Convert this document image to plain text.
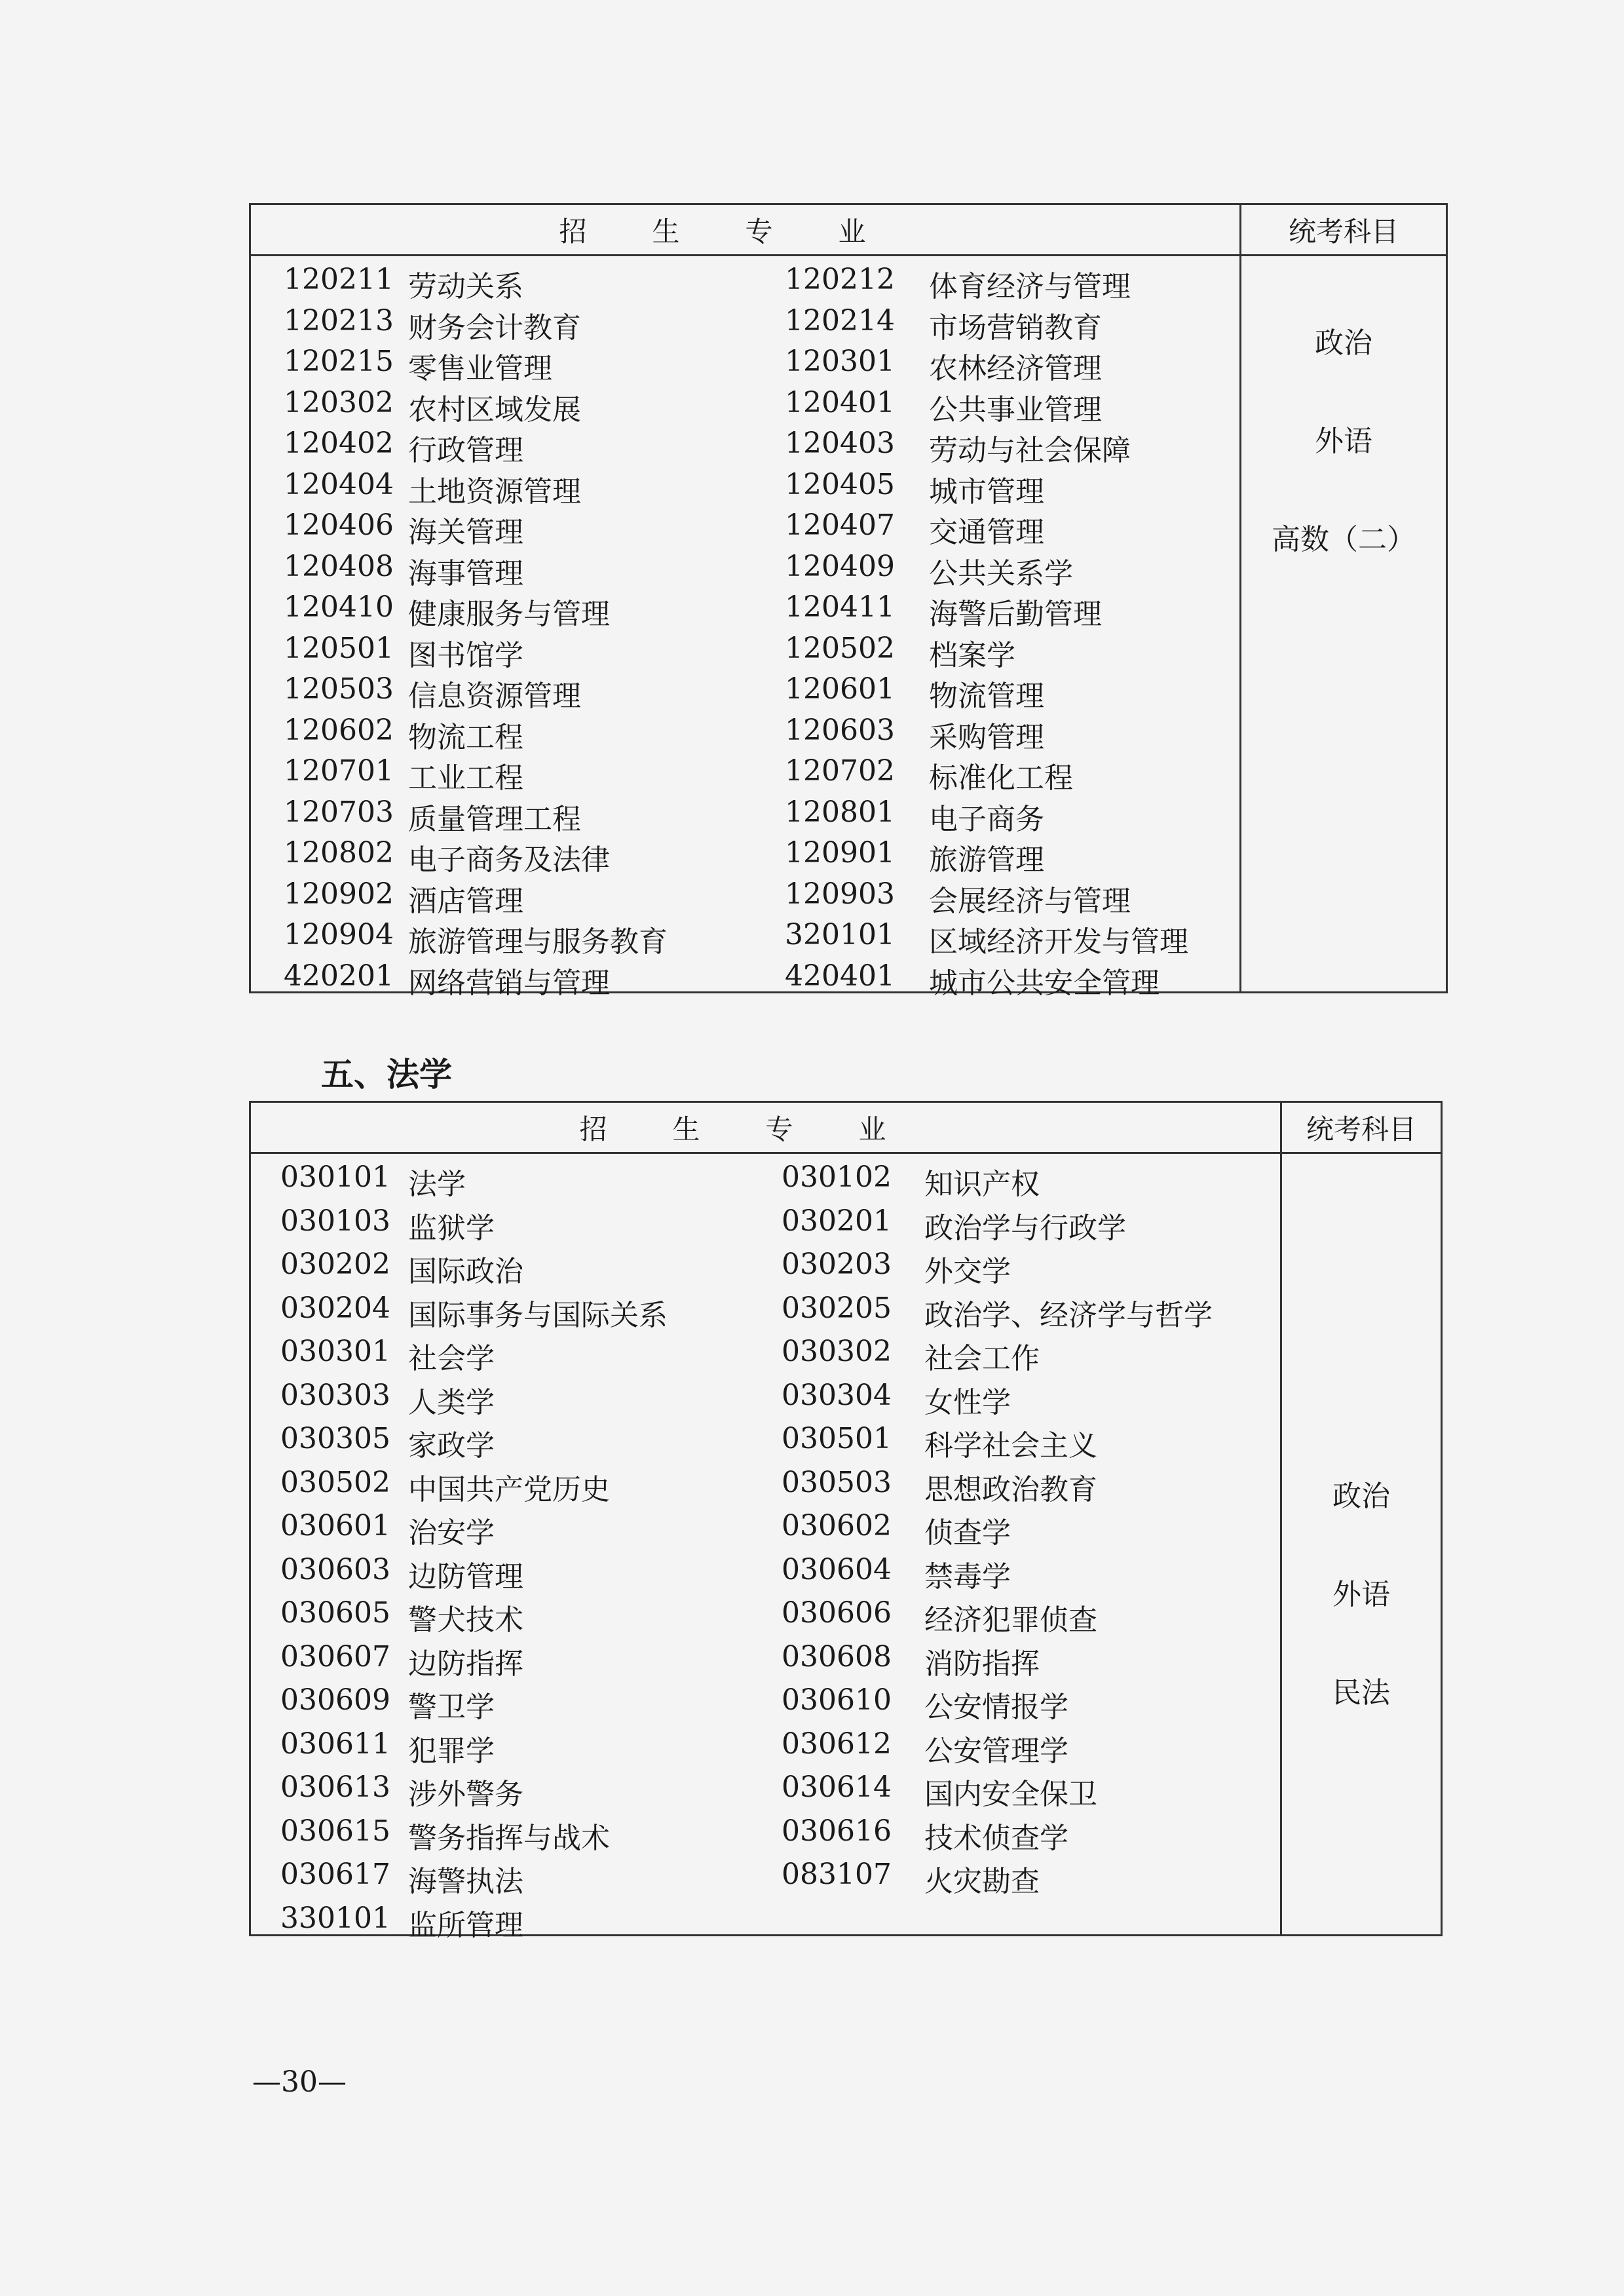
招生专业	统考科目
120211 劳动关系	120212 体育经济与管理
120213 财务会计教育	120214 市场营销教育
120215 零售业管理	120301 农林经济管理
120302 农村区域发展	120401 公共事业管理
120402 行政管理	120403 劳动与社会保障
120404 土地资源管理	120405 城市管理
120406 海关管理	120407 交通管理
120408 海事管理	120409 公共关系学
120410 健康服务与管理	120411 海警后勤管理
120501 图书馆学	120502 档案学
120503 信息资源管理	120601 物流管理
120602 物流工程	120603 采购管理
120701 工业工程	120702 标准化工程
120703 质量管理工程	120801 电子商务
120802 电子商务及法律	120901 旅游管理
120902 酒店管理	120903 会展经济与管理
120904 旅游管理与服务教育	320101 区域经济开发与管理
420201 网络营销与管理	420401 城市公共安全管理
政治
外语
高数（二）
五、法学
招生专业	统考科目
030101 法学	030102 知识产权
030103 监狱学	030201 政治学与行政学
030202 国际政治	030203 外交学
030204 国际事务与国际关系	030205 政治学、经济学与哲学
030301 社会学	030302 社会工作
030303 人类学	030304 女性学
030305 家政学	030501 科学社会主义
030502 中国共产党历史	030503 思想政治教育
030601 治安学	030602 侦查学
030603 边防管理	030604 禁毒学
030605 警犬技术	030606 经济犯罪侦查
030607 边防指挥	030608 消防指挥
030609 警卫学	030610 公安情报学
030611 犯罪学	030612 公安管理学
030613 涉外警务	030614 国内安全保卫
030615 警务指挥与战术	030616 技术侦查学
030617 海警执法	083107 火灾勘查
330101 监所管理
政治
外语
民法
—30—
